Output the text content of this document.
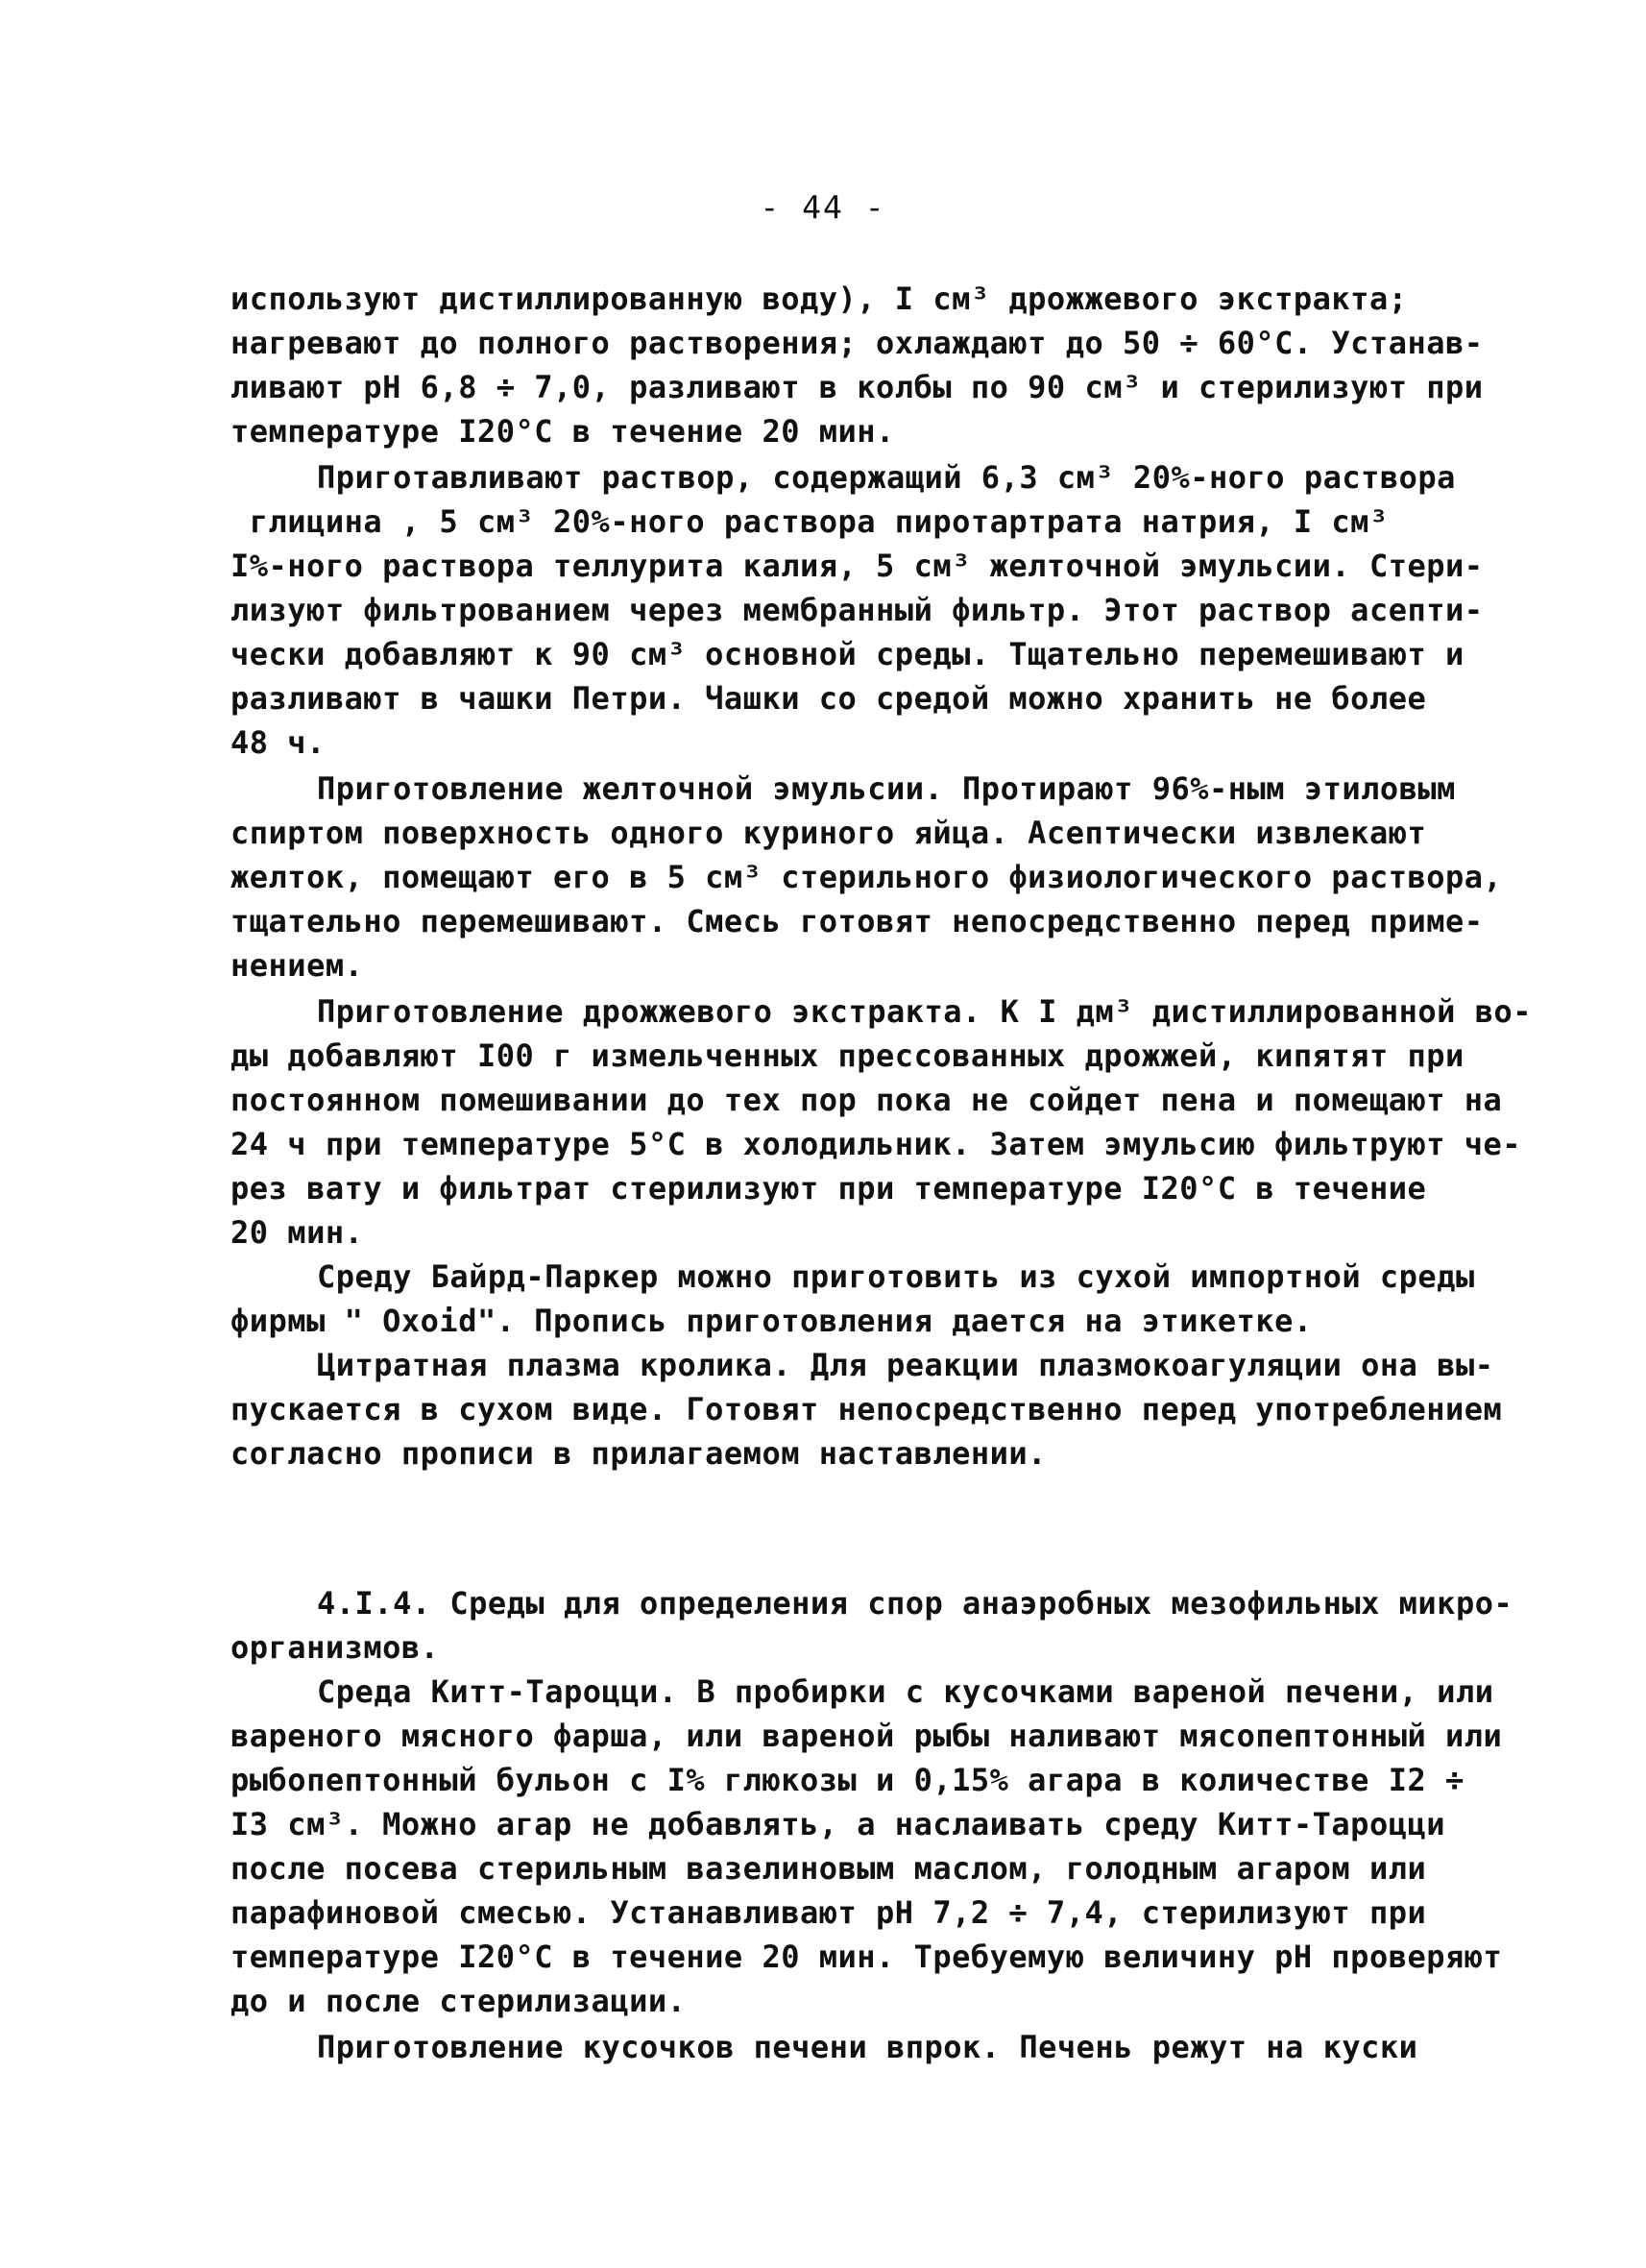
- 44 -
используют дистиллированную воду), I см³ дрожжевого экстракта;
нагревают до полного растворения; охлаждают до 50 ÷ 60°С. Устанав-
ливают рН 6,8 ÷ 7,0, разливают в колбы по 90 см³ и стерилизуют при
температуре I20°С в течение 20 мин.
Приготавливают раствор, содержащий 6,3 см³ 20%-ного раствора
глицина , 5 см³ 20%-ного раствора пиротартрата натрия, I см³
I%-ного раствора теллурита калия, 5 см³ желточной эмульсии. Стери-
лизуют фильтрованием через мембранный фильтр. Этот раствор асепти-
чески добавляют к 90 см³ основной среды. Тщательно перемешивают и
разливают в чашки Петри. Чашки со средой можно хранить не более
48 ч.
Приготовление желточной эмульсии. Протирают 96%-ным этиловым
спиртом поверхность одного куриного яйца. Асептически извлекают
желток, помещают его в 5 см³ стерильного физиологического раствора,
тщательно перемешивают. Смесь готовят непосредственно перед приме-
нением.
Приготовление дрожжевого экстракта. К I дм³ дистиллированной во-
ды добавляют I00 г измельченных прессованных дрожжей, кипятят при
постоянном помешивании до тех пор пока не сойдет пена и помещают на
24 ч при температуре 5°С в холодильник. Затем эмульсию фильтруют че-
рез вату и фильтрат стерилизуют при температуре I20°С в течение
20 мин.
Среду Байрд-Паркер можно приготовить из сухой импортной среды
фирмы " Oxoid". Пропись приготовления дается на этикетке.
Цитратная плазма кролика. Для реакции плазмокоагуляции она вы-
пускается в сухом виде. Готовят непосредственно перед употреблением
согласно прописи в прилагаемом наставлении.
4.I.4. Среды для определения спор анаэробных мезофильных микро-
организмов.
Среда Китт-Тароцци. В пробирки с кусочками вареной печени, или
вареного мясного фарша, или вареной рыбы наливают мясопептонный или
рыбопептонный бульон с I% глюкозы и 0,15% агара в количестве I2 ÷
I3 см³. Можно агар не добавлять, а наслаивать среду Китт-Тароцци
после посева стерильным вазелиновым маслом, голодным агаром или
парафиновой смесью. Устанавливают рН 7,2 ÷ 7,4, стерилизуют при
температуре I20°С в течение 20 мин. Требуемую величину рН проверяют
до и после стерилизации.
Приготовление кусочков печени впрок. Печень режут на куски
